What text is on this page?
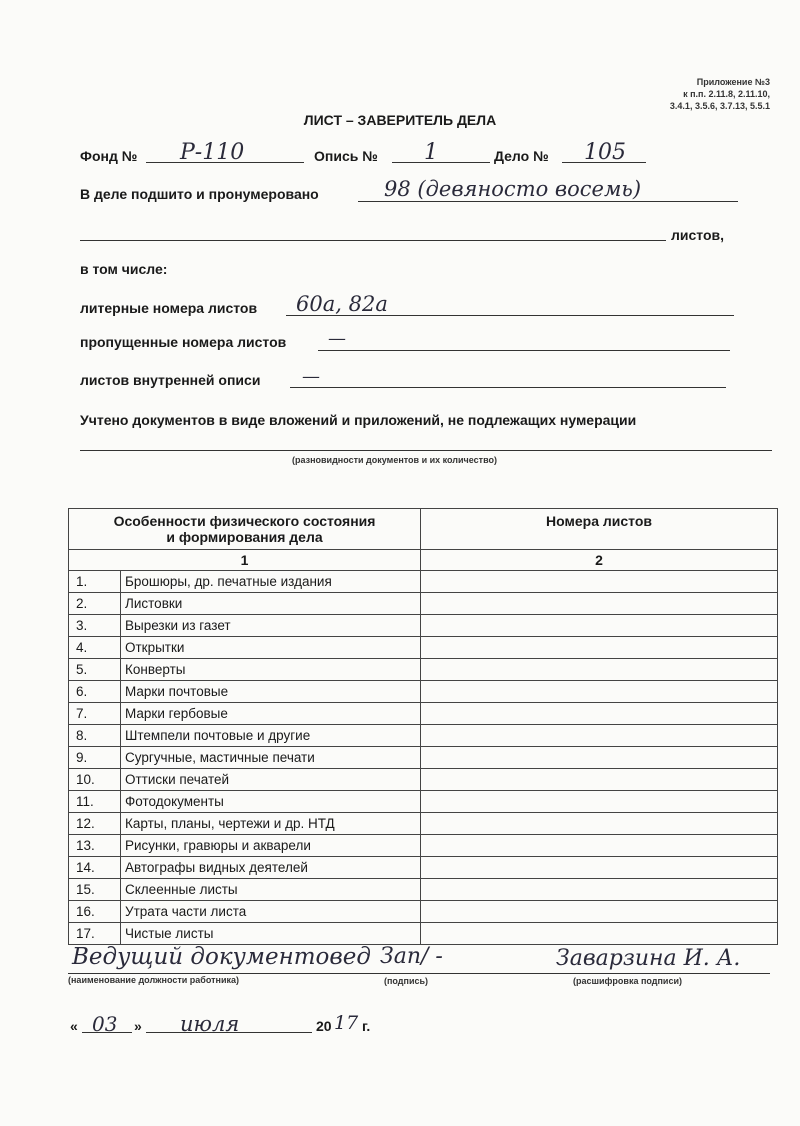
Приложение №3
к п.п. 2.11.8, 2.11.10,
3.4.1, 3.5.6, 3.7.13, 5.5.1
ЛИСТ – ЗАВЕРИТЕЛЬ ДЕЛА
Фонд № Р-110	Опись № 1	Дело № 105
В деле подшито и пронумеровано	98 (девяносто восемь)
листов,
в том числе:
литерные номера листов 60а, 82а
пропущенные номера листов —
листов внутренней описи —
Учтено документов в виде вложений и приложений, не подлежащих нумерации
(разновидности документов и их количество)
Особенности физического состояния
и формирования дела		Номера листов
1		2
1.	Брошюры, др. печатные издания	
2.	Листовки	
3.	Вырезки из газет	
4.	Открытки	
5.	Конверты	
6.	Марки почтовые	
7.	Марки гербовые	
8.	Штемпели почтовые и другие	
9.	Сургучные, мастичные печати	
10.	Оттиски печатей	
11.	Фотодокументы	
12.	Карты, планы, чертежи и др. НТД	
13.	Рисунки, гравюры и акварели	
14.	Автографы видных деятелей	
15.	Склеенные листы	
16.	Утрата части листа	
17.	Чистые листы	
Ведущий документовед
(наименование должности работника)
Зап/ -
(подпись)
Заварзина И. А.
(расшифровка подписи)
« 03 » июля	20 17 г.
